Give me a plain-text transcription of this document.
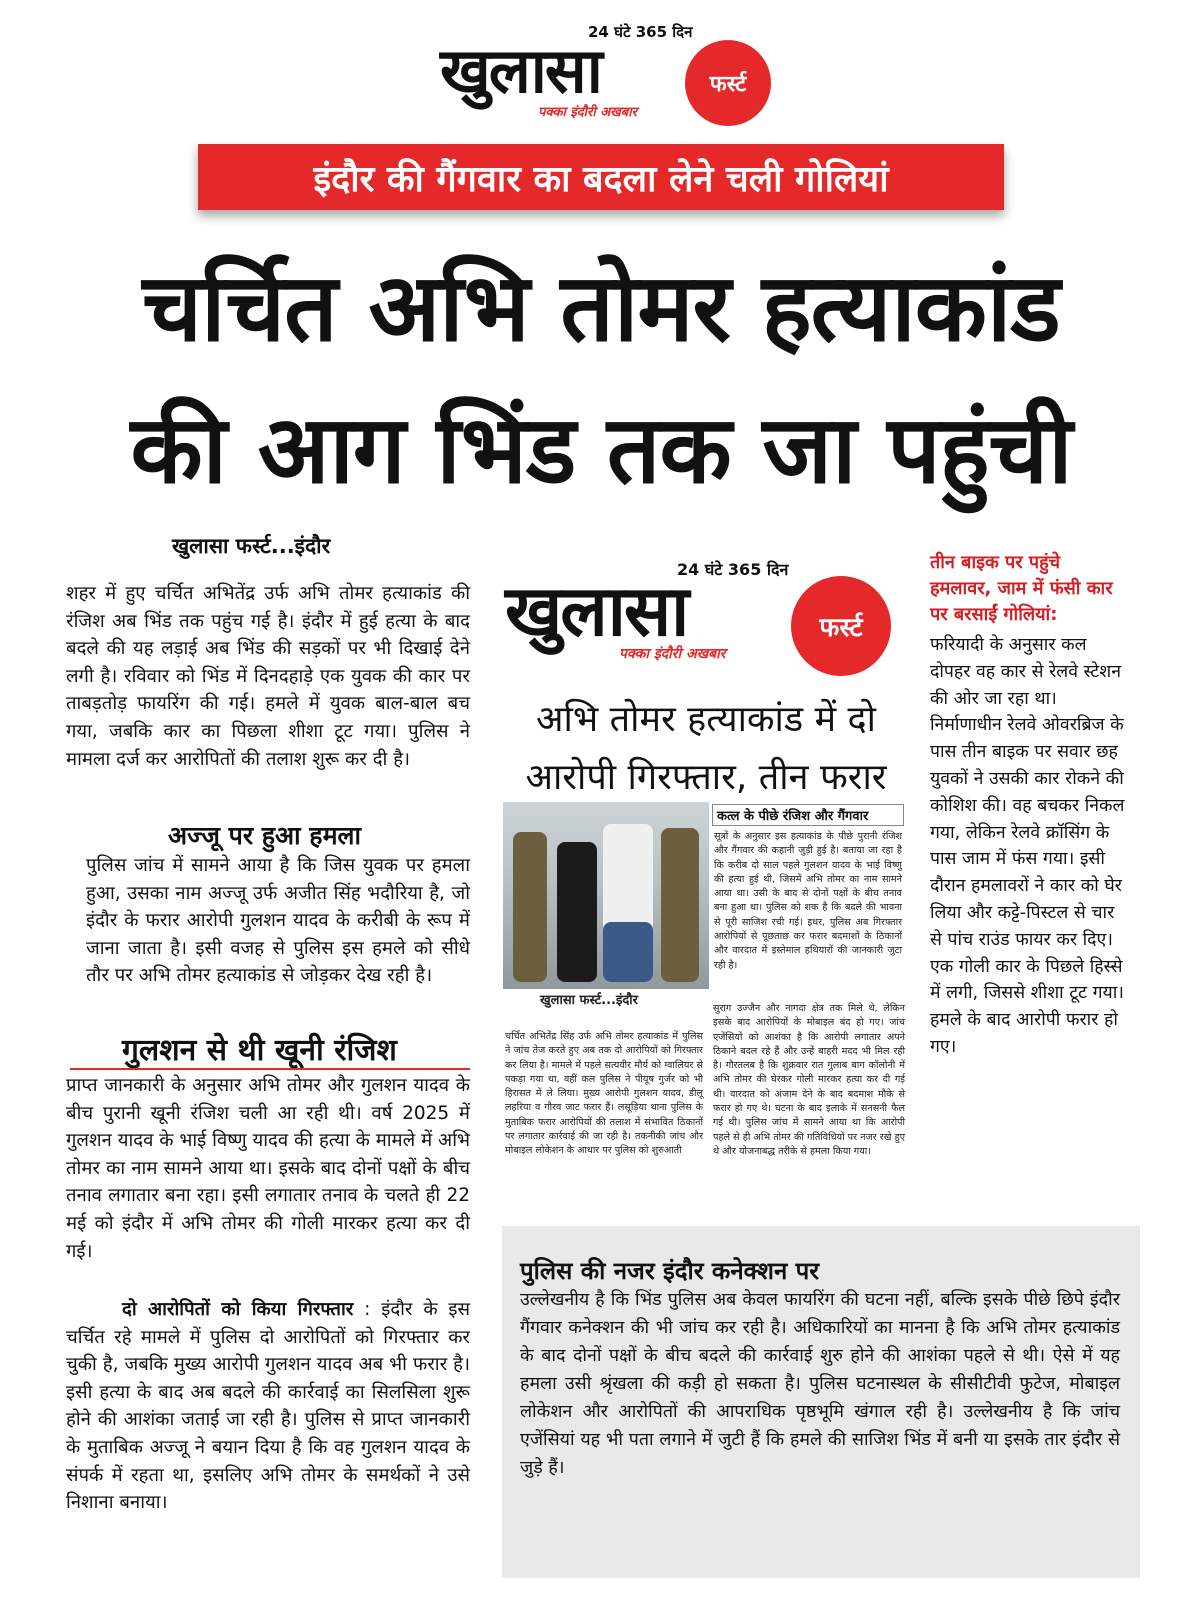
24 घंटे 365 दिन
खुलासा	फर्स्ट
पक्का इंदौरी अखबार
इंदौर की गैंगवार का बदला लेने चली गोलियां
चर्चित अभि तोमर हत्याकांड
की आग भिंड तक जा पहुंची
खुलासा फर्स्ट...इंदौर

शहर में हुए चर्चित अभितेंद्र उर्फ अभि तोमर हत्याकांड की रंजिश अब भिंड तक पहुंच गई है। इंदौर में हुई हत्या के बाद बदले की यह लड़ाई अब भिंड की सड़कों पर भी दिखाई देने लगी है। रविवार को भिंड में दिनदहाड़े एक युवक की कार पर ताबड़तोड़ फायरिंग की गई। हमले में युवक बाल-बाल बच गया, जबकि कार का पिछला शीशा टूट गया। पुलिस ने मामला दर्ज कर आरोपितों की तलाश शुरू कर दी है।

अज्जू पर हुआ हमला

पुलिस जांच में सामने आया है कि जिस युवक पर हमला हुआ, उसका नाम अज्जू उर्फ अजीत सिंह भदौरिया है, जो इंदौर के फरार आरोपी गुलशन यादव के करीबी के रूप में जाना जाता है। इसी वजह से पुलिस इस हमले को सीधे तौर पर अभि तोमर हत्याकांड से जोड़कर देख रही है।

गुलशन से थी खूनी रंजिश

प्राप्त जानकारी के अनुसार अभि तोमर और गुलशन यादव के बीच पुरानी खूनी रंजिश चली आ रही थी। वर्ष 2025 में गुलशन यादव के भाई विष्णु यादव की हत्या के मामले में अभि तोमर का नाम सामने आया था। इसके बाद दोनों पक्षों के बीच तनाव लगातार बना रहा। इसी लगातार तनाव के चलते ही 22 मई को इंदौर में अभि तोमर की गोली मारकर हत्या कर दी गई।

दो आरोपितों को किया गिरफ्तार : इंदौर के इस चर्चित रहे मामले में पुलिस दो आरोपितों को गिरफ्तार कर चुकी है, जबकि मुख्य आरोपी गुलशन यादव अब भी फरार है। इसी हत्या के बाद अब बदले की कार्रवाई का सिलसिला शुरू होने की आशंका जताई जा रही है। पुलिस से प्राप्त जानकारी के मुताबिक अज्जू ने बयान दिया है कि वह गुलशन यादव के संपर्क में रहता था, इसलिए अभि तोमर के समर्थकों ने उसे निशाना बनाया।

24 घंटे 365 दिन
खुलासा	फर्स्ट
पक्का इंदौरी अखबार
अभि तोमर हत्याकांड में दो
आरोपी गिरफ्तार, तीन फरार
खुलासा फर्स्ट...इंदौर
कत्ल के पीछे रंजिश और गैंगवार
सूत्रों के अनुसार इस हत्याकांड के पीछे पुरानी रंजिश और गैंगवार की कहानी जुड़ी हुई है। बताया जा रहा है कि करीब दो साल पहले गुलशन यादव के भाई विष्णु की हत्या हुई थी, जिसमें अभि तोमर का नाम सामने आया था। उसी के बाद से दोनों पक्षों के बीच तनाव बना हुआ था। पुलिस को शक है कि बदले की भावना से पूरी साजिश रची गई। इधर, पुलिस अब गिरफ्तार आरोपियों से पूछताछ कर फरार बदमाशों के ठिकानों और वारदात में इस्तेमाल हथियारों की जानकारी जुटा रही है।
चर्चित अभितेंद्र सिंह उर्फ अभि तोमर हत्याकांड में पुलिस ने जांच तेज करते हुए अब तक दो आरोपियों को गिरफ्तार कर लिया है। मामले में पहले सत्यवीर मौर्य को ग्वालियर से पकड़ा गया था, वहीं कल पुलिस ने पीयूष गुर्जर को भी हिरासत में ले लिया। मुख्य आरोपी गुलशन यादव, डीलू लहरिया व गौरव जाट फरार हैं। लसूड़िया थाना पुलिस के मुताबिक फरार आरोपियों की तलाश में संभावित ठिकानों पर लगातार कार्रवाई की जा रही है। तकनीकी जांच और मोबाइल लोकेशन के आधार पर पुलिस को शुरुआती
सुराग उज्जैन और नागदा क्षेत्र तक मिले थे, लेकिन इसके बाद आरोपियों के मोबाइल बंद हो गए। जांच एजेंसियों को आशंका है कि आरोपी लगातार अपने ठिकाने बदल रहे हैं और उन्हें बाहरी मदद भी मिल रही है। गौरतलब है कि शुक्रवार रात गुलाब बाग कॉलोनी में अभि तोमर की घेरकर गोली मारकर हत्या कर दी गई थी। वारदात को अंजाम देने के बाद बदमाश मौके से फरार हो गए थे। घटना के बाद इलाके में सनसनी फैल गई थी। पुलिस जांच में सामने आया था कि आरोपी पहले से ही अभि तोमर की गतिविधियों पर नजर रखे हुए थे और योजनाबद्ध तरीके से हमला किया गया।
तीन बाइक पर पहुंचे हमलावर, जाम में फंसी कार पर बरसाईं गोलियां:
फरियादी के अनुसार कल दोपहर वह कार से रेलवे स्टेशन की ओर जा रहा था। निर्माणाधीन रेलवे ओवरब्रिज के पास तीन बाइक पर सवार छह युवकों ने उसकी कार रोकने की कोशिश की। वह बचकर निकल गया, लेकिन रेलवे क्रॉसिंग के पास जाम में फंस गया। इसी दौरान हमलावरों ने कार को घेर लिया और कट्टे-पिस्टल से चार से पांच राउंड फायर कर दिए। एक गोली कार के पिछले हिस्से में लगी, जिससे शीशा टूट गया। हमले के बाद आरोपी फरार हो गए।
पुलिस की नजर इंदौर कनेक्शन पर
उल्लेखनीय है कि भिंड पुलिस अब केवल फायरिंग की घटना नहीं, बल्कि इसके पीछे छिपे इंदौर गैंगवार कनेक्शन की भी जांच कर रही है। अधिकारियों का मानना है कि अभि तोमर हत्याकांड के बाद दोनों पक्षों के बीच बदले की कार्रवाई शुरु होने की आशंका पहले से थी। ऐसे में यह हमला उसी श्रृंखला की कड़ी हो सकता है। पुलिस घटनास्थल के सीसीटीवी फुटेज, मोबाइल लोकेशन और आरोपितों की आपराधिक पृष्ठभूमि खंगाल रही है। उल्लेखनीय है कि जांच एजेंसियां यह भी पता लगाने में जुटी हैं कि हमले की साजिश भिंड में बनी या इसके तार इंदौर से जुड़े हैं।
